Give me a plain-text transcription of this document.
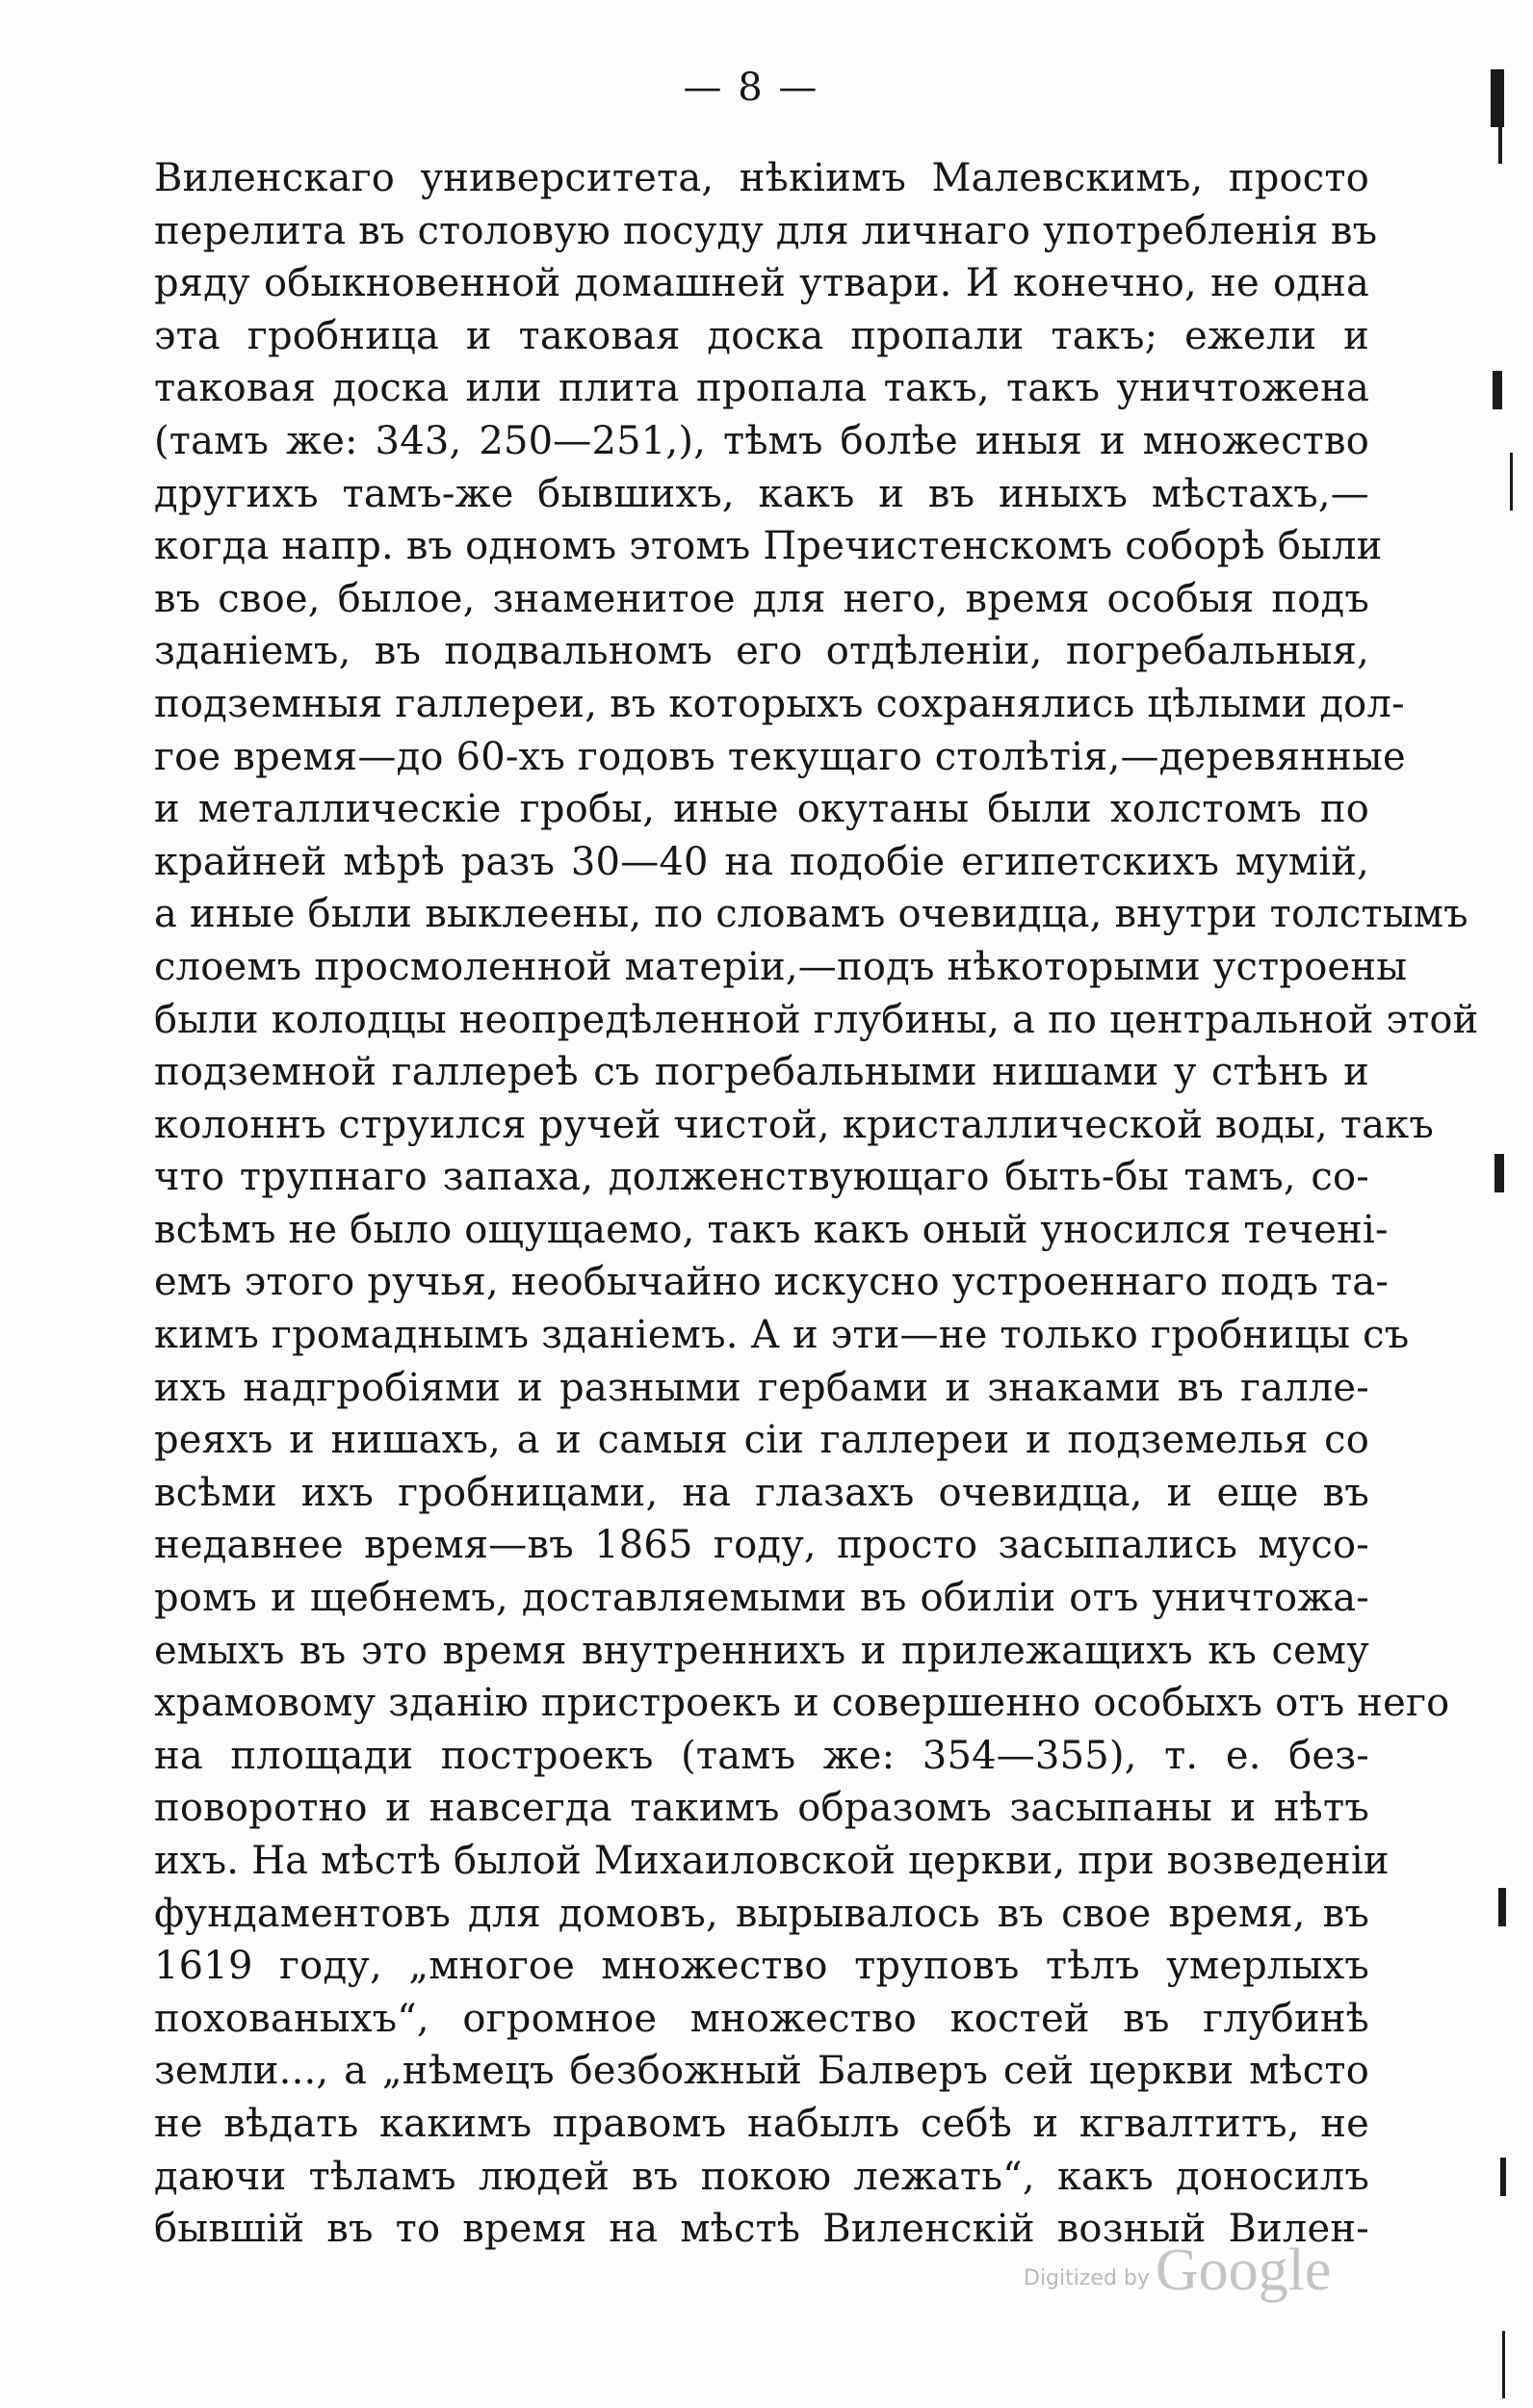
— 8 —
Виленскаго университета, нѣкіимъ Малевскимъ, просто
перелита въ столовую посуду для личнаго употребленія въ
ряду обыкновенной домашней утвари. И конечно, не одна
эта гробница и таковая доска пропали такъ; ежели и
таковая доска или плита пропала такъ, такъ уничтожена
(тамъ же: 343, 250—251,), тѣмъ болѣе иныя и множество
другихъ тамъ-же бывшихъ, какъ и въ иныхъ мѣстахъ,—
когда напр. въ одномъ этомъ Пречистенскомъ соборѣ были
въ свое, былое, знаменитое для него, время особыя подъ
зданіемъ, въ подвальномъ его отдѣленіи, погребальныя,
подземныя галлереи, въ которыхъ сохранялись цѣлыми дол-
гое время—до 60-хъ годовъ текущаго столѣтія,—деревянные
и металлическіе гробы, иные окутаны были холстомъ по
крайней мѣрѣ разъ 30—40 на подобіе египетскихъ мумій,
а иные были выклеены, по словамъ очевидца, внутри толстымъ
слоемъ просмоленной матеріи,—подъ нѣкоторыми устроены
были колодцы неопредѣленной глубины, а по центральной этой
подземной галлереѣ съ погребальными нишами у стѣнъ и
колоннъ струился ручей чистой, кристаллической воды, такъ
что трупнаго запаха, долженствующаго быть-бы тамъ, со-
всѣмъ не было ощущаемо, такъ какъ оный уносился теченi-
емъ этого ручья, необычайно искусно устроеннаго подъ та-
кимъ громаднымъ зданіемъ. А и эти—не только гробницы съ
ихъ надгробіями и разными гербами и знаками въ галле-
реяхъ и нишахъ, а и самыя сіи галлереи и подземелья со
всѣми ихъ гробницами, на глазахъ очевидца, и еще въ
недавнее время—въ 1865 году, просто засыпались мусо-
ромъ и щебнемъ, доставляемыми въ обиліи отъ уничтожа-
емыхъ въ это время внутреннихъ и прилежащихъ къ сему
храмовому зданію пристроекъ и совершенно особыхъ отъ него
на площади построекъ (тамъ же: 354—355), т. е. без-
поворотно и навсегда такимъ образомъ засыпаны и нѣтъ
ихъ. На мѣстѣ былой Михаиловской церкви, при возведеніи
фундаментовъ для домовъ, вырывалось въ свое время, въ
1619 году, „многое множество труповъ тѣлъ умерлыхъ
похованыхъ“, огромное множество костей въ глубинѣ
земли..., а „нѣмецъ безбожный Балверъ сей церкви мѣсто
не вѣдать какимъ правомъ набылъ себѣ и кгвалтитъ, не
даючи тѣламъ людей въ покою лежать“, какъ доносилъ
бывшій въ то время на мѣстѣ Виленскій возный Вилен-
Digitized by Google
